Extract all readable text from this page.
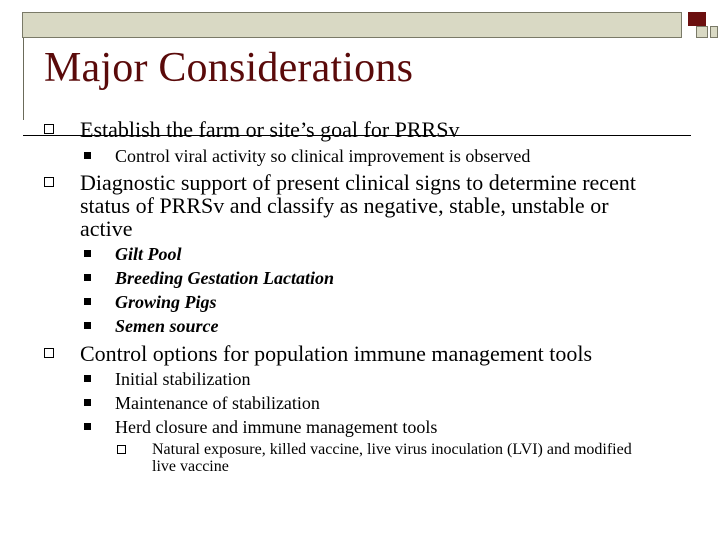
Major Considerations
Establish the farm or site’s goal for PRRSv
Control viral activity so clinical improvement is observed
Diagnostic support of present clinical signs to determine recent status of PRRSv and classify as negative, stable, unstable or active
Gilt Pool
Breeding Gestation Lactation
Growing Pigs
Semen source
Control options for population immune management tools
Initial stabilization
Maintenance of stabilization
Herd closure and immune management tools
Natural exposure, killed vaccine, live virus inoculation (LVI) and modified live vaccine
